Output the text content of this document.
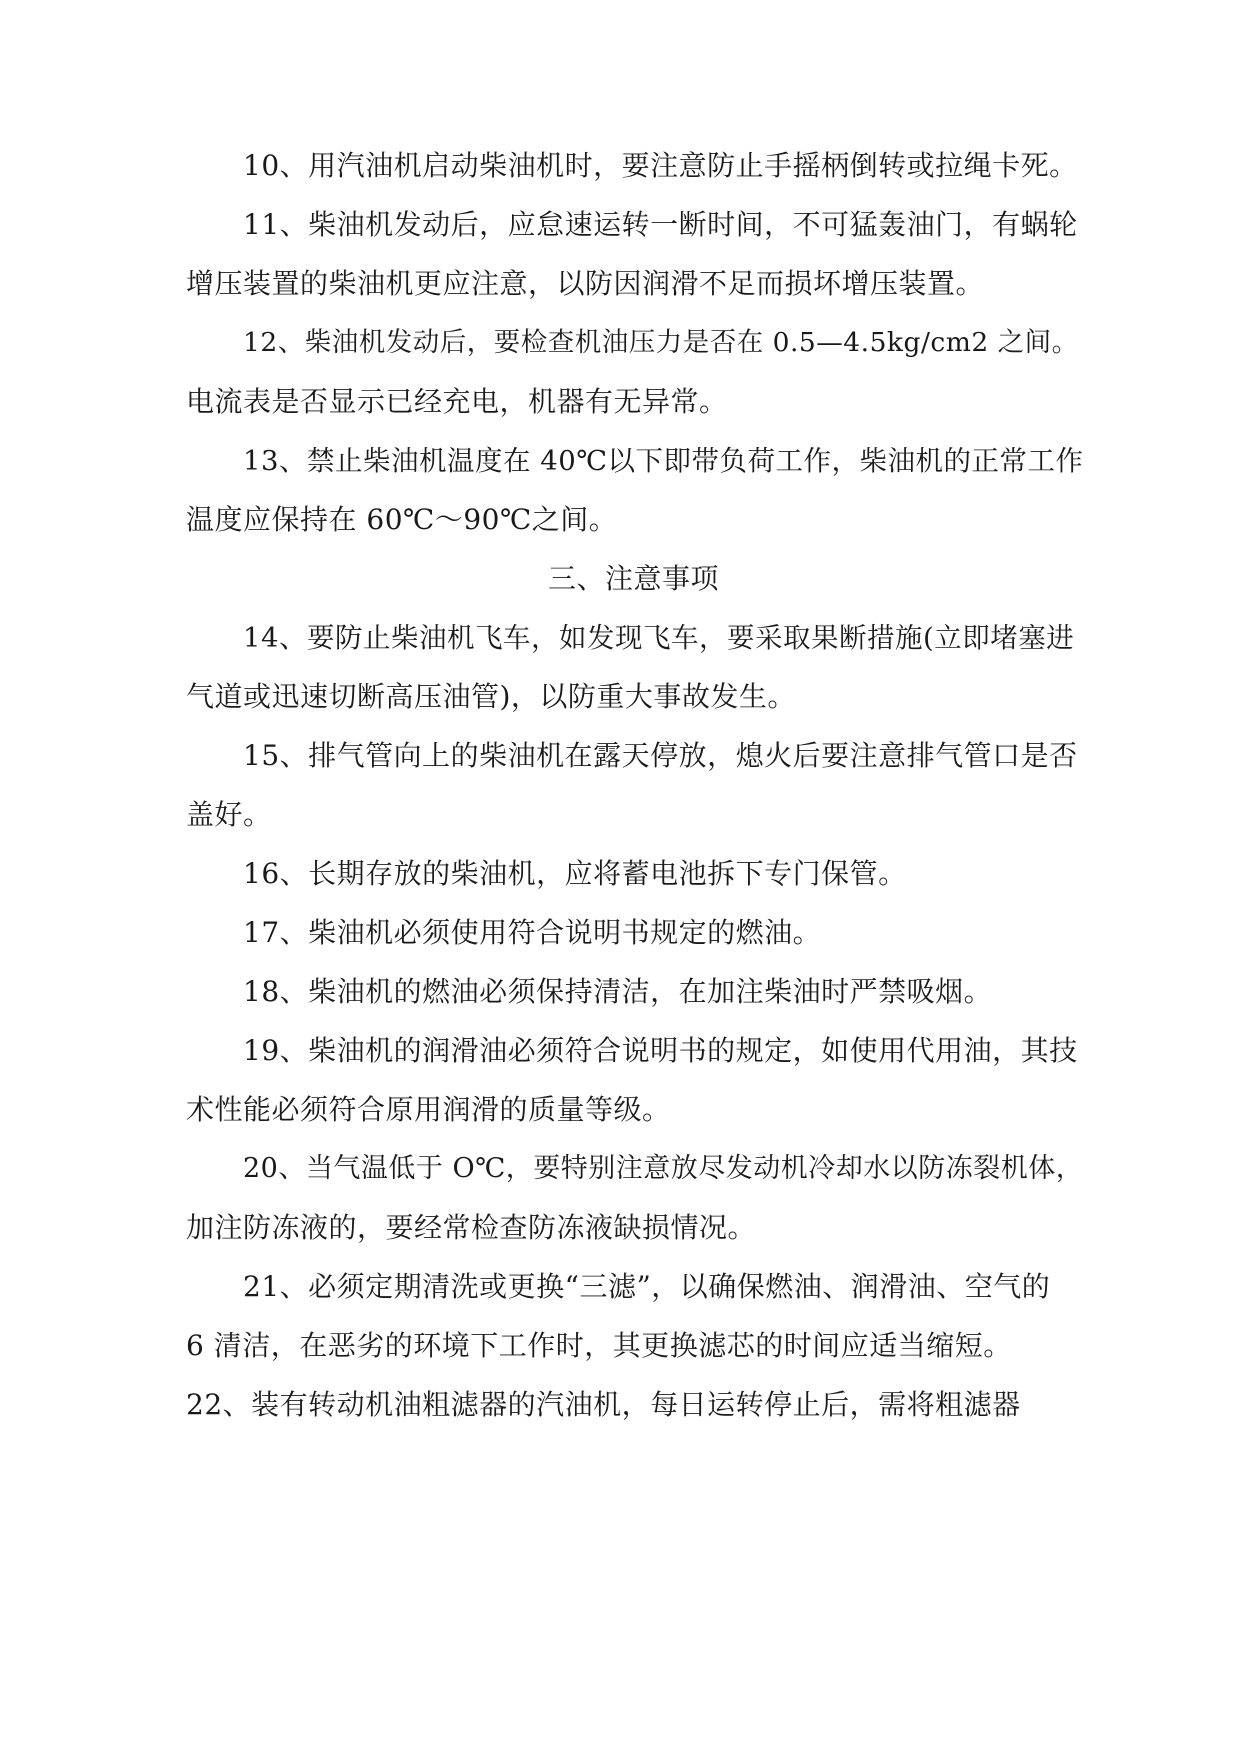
10、用汽油机启动柴油机时，要注意防止手摇柄倒转或拉绳卡死。
11、柴油机发动后，应怠速运转一断时间，不可猛轰油门，有蜗轮
增压装置的柴油机更应注意，以防因润滑不足而损坏增压装置。
12、柴油机发动后，要检查机油压力是否在 0.5—4.5kg/cm2 之间。
电流表是否显示已经充电，机器有无异常。
13、禁止柴油机温度在 40℃以下即带负荷工作，柴油机的正常工作
温度应保持在 60℃～90℃之间。
三、注意事项
14、要防止柴油机飞车，如发现飞车，要采取果断措施(立即堵塞进
气道或迅速切断高压油管)，以防重大事故发生。
15、排气管向上的柴油机在露天停放，熄火后要注意排气管口是否
盖好。
16、长期存放的柴油机，应将蓄电池拆下专门保管。
17、柴油机必须使用符合说明书规定的燃油。
18、柴油机的燃油必须保持清洁，在加注柴油时严禁吸烟。
19、柴油机的润滑油必须符合说明书的规定，如使用代用油，其技
术性能必须符合原用润滑的质量等级。
20、当气温低于 O℃，要特别注意放尽发动机冷却水以防冻裂机体，
加注防冻液的，要经常检查防冻液缺损情况。
21、必须定期清洗或更换“三滤”，以确保燃油、润滑油、空气的
6 清洁，在恶劣的环境下工作时，其更换滤芯的时间应适当缩短。
22、装有转动机油粗滤器的汽油机，每日运转停止后，需将粗滤器
